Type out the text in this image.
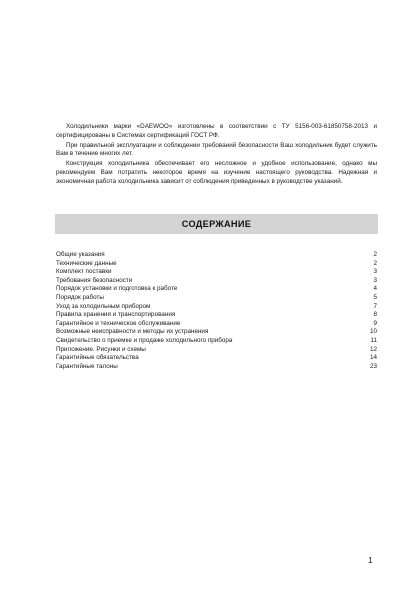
Холодильники марки «DAEWOO» изготовлены в соответствии с ТУ 5156-003-61850758-2013 и сертифицированы в Системах сертификаций ГОСТ РФ.

При правильной эксплуатации и соблюдении требований безопасности Ваш холодильник будет служить Вам в течение многих лет.

Конструкция холодильника обеспечивает его несложное и удобное использование, однако мы рекомендуем Вам потратить некоторое время на изучение настоящего руководства. Надежная и экономичная работа холодильника зависит от соблюдения приведенных в руководстве указаний.

СОДЕРЖАНИЕ
Общие указания	2
Технические данные	2
Комплект поставки	3
Требования безопасности	3
Порядок установки и подготовка к работе	4
Порядок работы	5
Уход за холодильным прибором	7
Правила хранения и транспортирования	8
Гарантийное и техническое обслуживание	9
Возможные неисправности и методы их устранения	10
Свидетельство о приемке и продаже холодильного прибора	11
Приложение. Рисунки и схемы	12
Гарантийные обязательства	14
Гарантийные талоны	23
1
